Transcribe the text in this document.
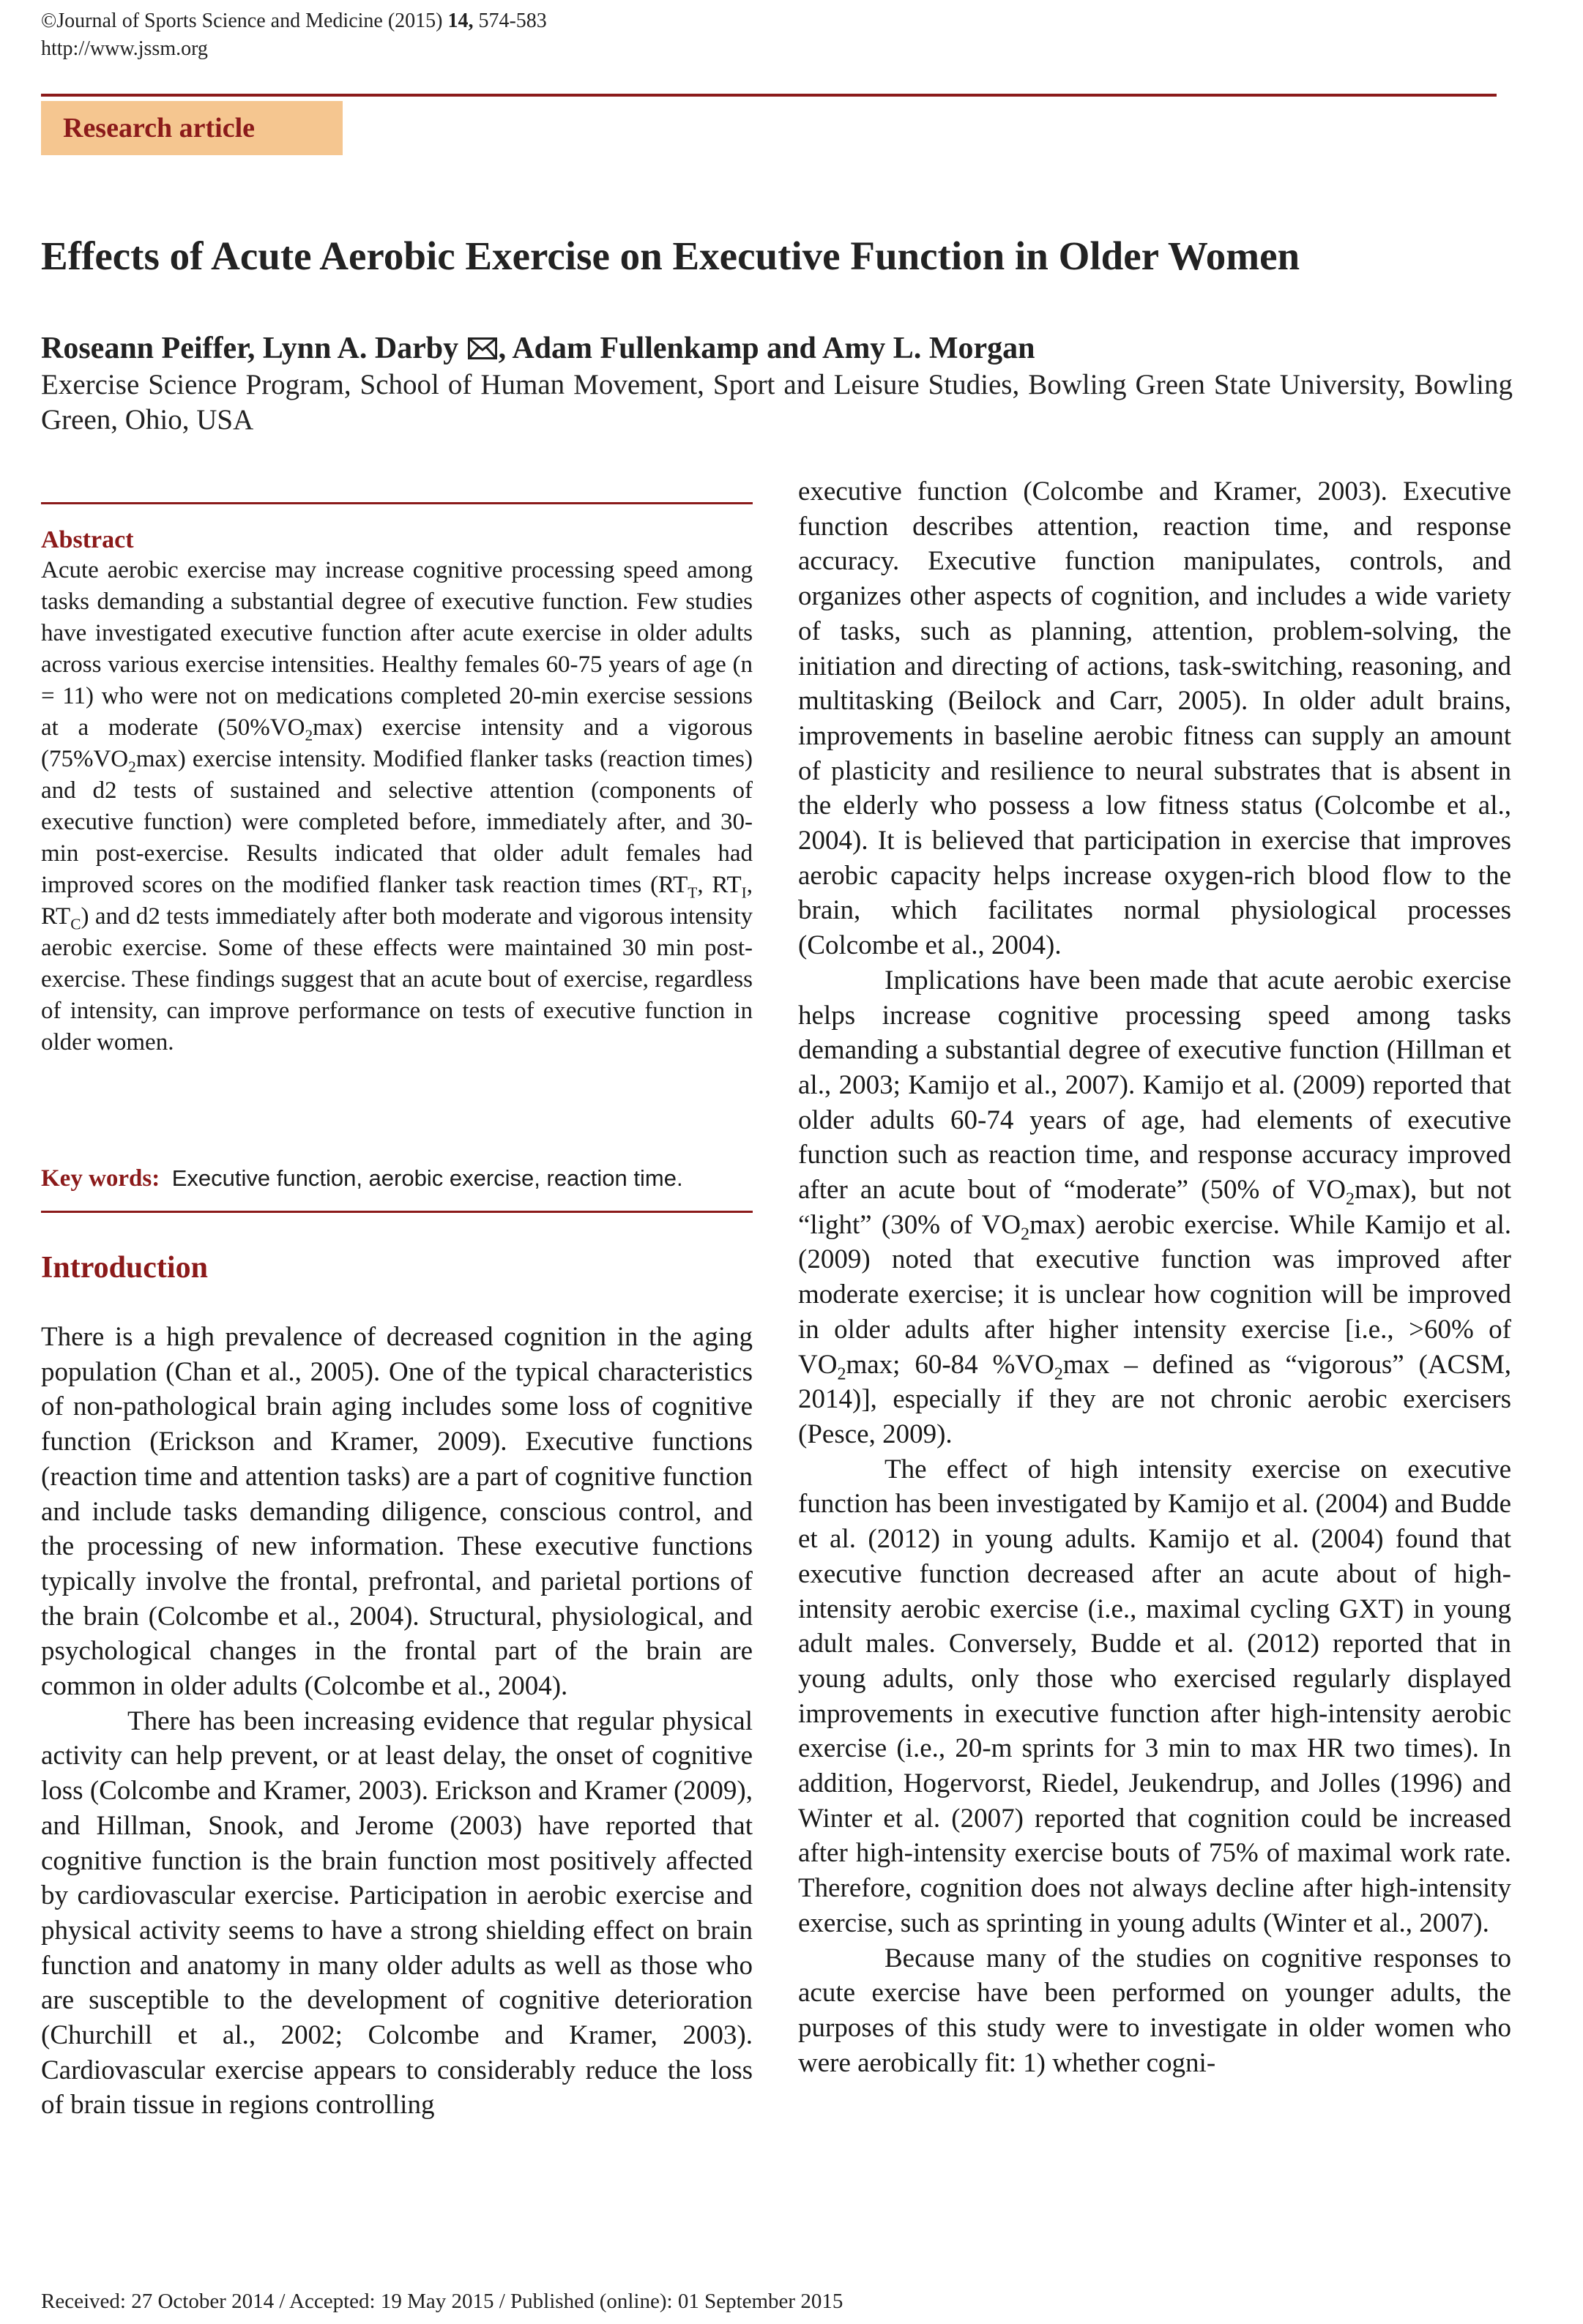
©Journal of Sports Science and Medicine (2015) 14, 574-583
http://www.jssm.org
Research article
Effects of Acute Aerobic Exercise on Executive Function in Older Women
Roseann Peiffer, Lynn A. Darby , Adam Fullenkamp and Amy L. Morgan
Exercise Science Program, School of Human Movement, Sport and Leisure Studies, Bowling Green State University, Bowling Green, Ohio, USA
Abstract
Acute aerobic exercise may increase cognitive processing speed among tasks demanding a substantial degree of executive function. Few studies have investigated executive function after acute exercise in older adults across various exercise intensities. Healthy females 60-75 years of age (n = 11) who were not on medications completed 20-min exercise sessions at a moderate $(50\%VO_2\max)$ exercise intensity and a vigorous $(75\%VO_2\max)$ exercise intensity. Modified flanker tasks (reaction times) and d2 tests of sustained and selective attention (components of executive function) were completed before, immediately after, and 30-min post-exercise. Results indicated that older adult females had improved scores on the modified flanker task reaction times ($RT_T$, $RT_I$, $RT_C$) and d2 tests immediately after both moderate and vigorous intensity aerobic exercise. Some of these effects were maintained 30 min post-exercise. These findings suggest that an acute bout of exercise, regardless of intensity, can improve performance on tests of executive function in older women.
Key words: Executive function, aerobic exercise, reaction time.
Introduction

There is a high prevalence of decreased cognition in the aging population (Chan et al., 2005). One of the typical characteristics of non-pathological brain aging includes some loss of cognitive function (Erickson and Kramer, 2009). Executive functions (reaction time and attention tasks) are a part of cognitive function and include tasks demanding diligence, conscious control, and the processing of new information. These executive functions typically involve the frontal, prefrontal, and parietal portions of the brain (Colcombe et al., 2004). Structural, physiological, and psychological changes in the frontal part of the brain are common in older adults (Colcombe et al., 2004).

There has been increasing evidence that regular physical activity can help prevent, or at least delay, the onset of cognitive loss (Colcombe and Kramer, 2003). Erickson and Kramer (2009), and Hillman, Snook, and Jerome (2003) have reported that cognitive function is the brain function most positively affected by cardiovascular exercise. Participation in aerobic exercise and physical activity seems to have a strong shielding effect on brain function and anatomy in many older adults as well as those who are susceptible to the development of cognitive deterioration (Churchill et al., 2002; Colcombe and Kramer, 2003). Cardiovascular exercise appears to considerably reduce the loss of brain tissue in regions controlling

executive function (Colcombe and Kramer, 2003). Executive function describes attention, reaction time, and response accuracy. Executive function manipulates, controls, and organizes other aspects of cognition, and includes a wide variety of tasks, such as planning, attention, problem-solving, the initiation and directing of actions, task-switching, reasoning, and multitasking (Beilock and Carr, 2005). In older adult brains, improvements in baseline aerobic fitness can supply an amount of plasticity and resilience to neural substrates that is absent in the elderly who possess a low fitness status (Colcombe et al., 2004). It is believed that participation in exercise that improves aerobic capacity helps increase oxygen-rich blood flow to the brain, which facilitates normal physiological processes (Colcombe et al., 2004).

Implications have been made that acute aerobic exercise helps increase cognitive processing speed among tasks demanding a substantial degree of executive function (Hillman et al., 2003; Kamijo et al., 2007). Kamijo et al. (2009) reported that older adults 60-74 years of age, had elements of executive function such as reaction time, and response accuracy improved after an acute bout of “moderate” (50% of $VO_2\max$), but not “light” (30% of $VO_2\max$) aerobic exercise. While Kamijo et al. (2009) noted that executive function was improved after moderate exercise; it is unclear how cognition will be improved in older adults after higher intensity exercise [i.e., >60% of $VO_2\max$; 60-84 $\%VO_2\max$ – defined as “vigorous” (ACSM, 2014)], especially if they are not chronic aerobic exercisers (Pesce, 2009).

The effect of high intensity exercise on executive function has been investigated by Kamijo et al. (2004) and Budde et al. (2012) in young adults. Kamijo et al. (2004) found that executive function decreased after an acute about of high-intensity aerobic exercise (i.e., maximal cycling GXT) in young adult males. Conversely, Budde et al. (2012) reported that in young adults, only those who exercised regularly displayed improvements in executive function after high-intensity aerobic exercise (i.e., 20-m sprints for 3 min to max HR two times). In addition, Hogervorst, Riedel, Jeukendrup, and Jolles (1996) and Winter et al. (2007) reported that cognition could be increased after high-intensity exercise bouts of 75% of maximal work rate. Therefore, cognition does not always decline after high-intensity exercise, such as sprinting in young adults (Winter et al., 2007).

Because many of the studies on cognitive responses to acute exercise have been performed on younger adults, the purposes of this study were to investigate in older women who were aerobically fit: 1) whether cogni-

Received: 27 October 2014 / Accepted: 19 May 2015 / Published (online): 01 September 2015
